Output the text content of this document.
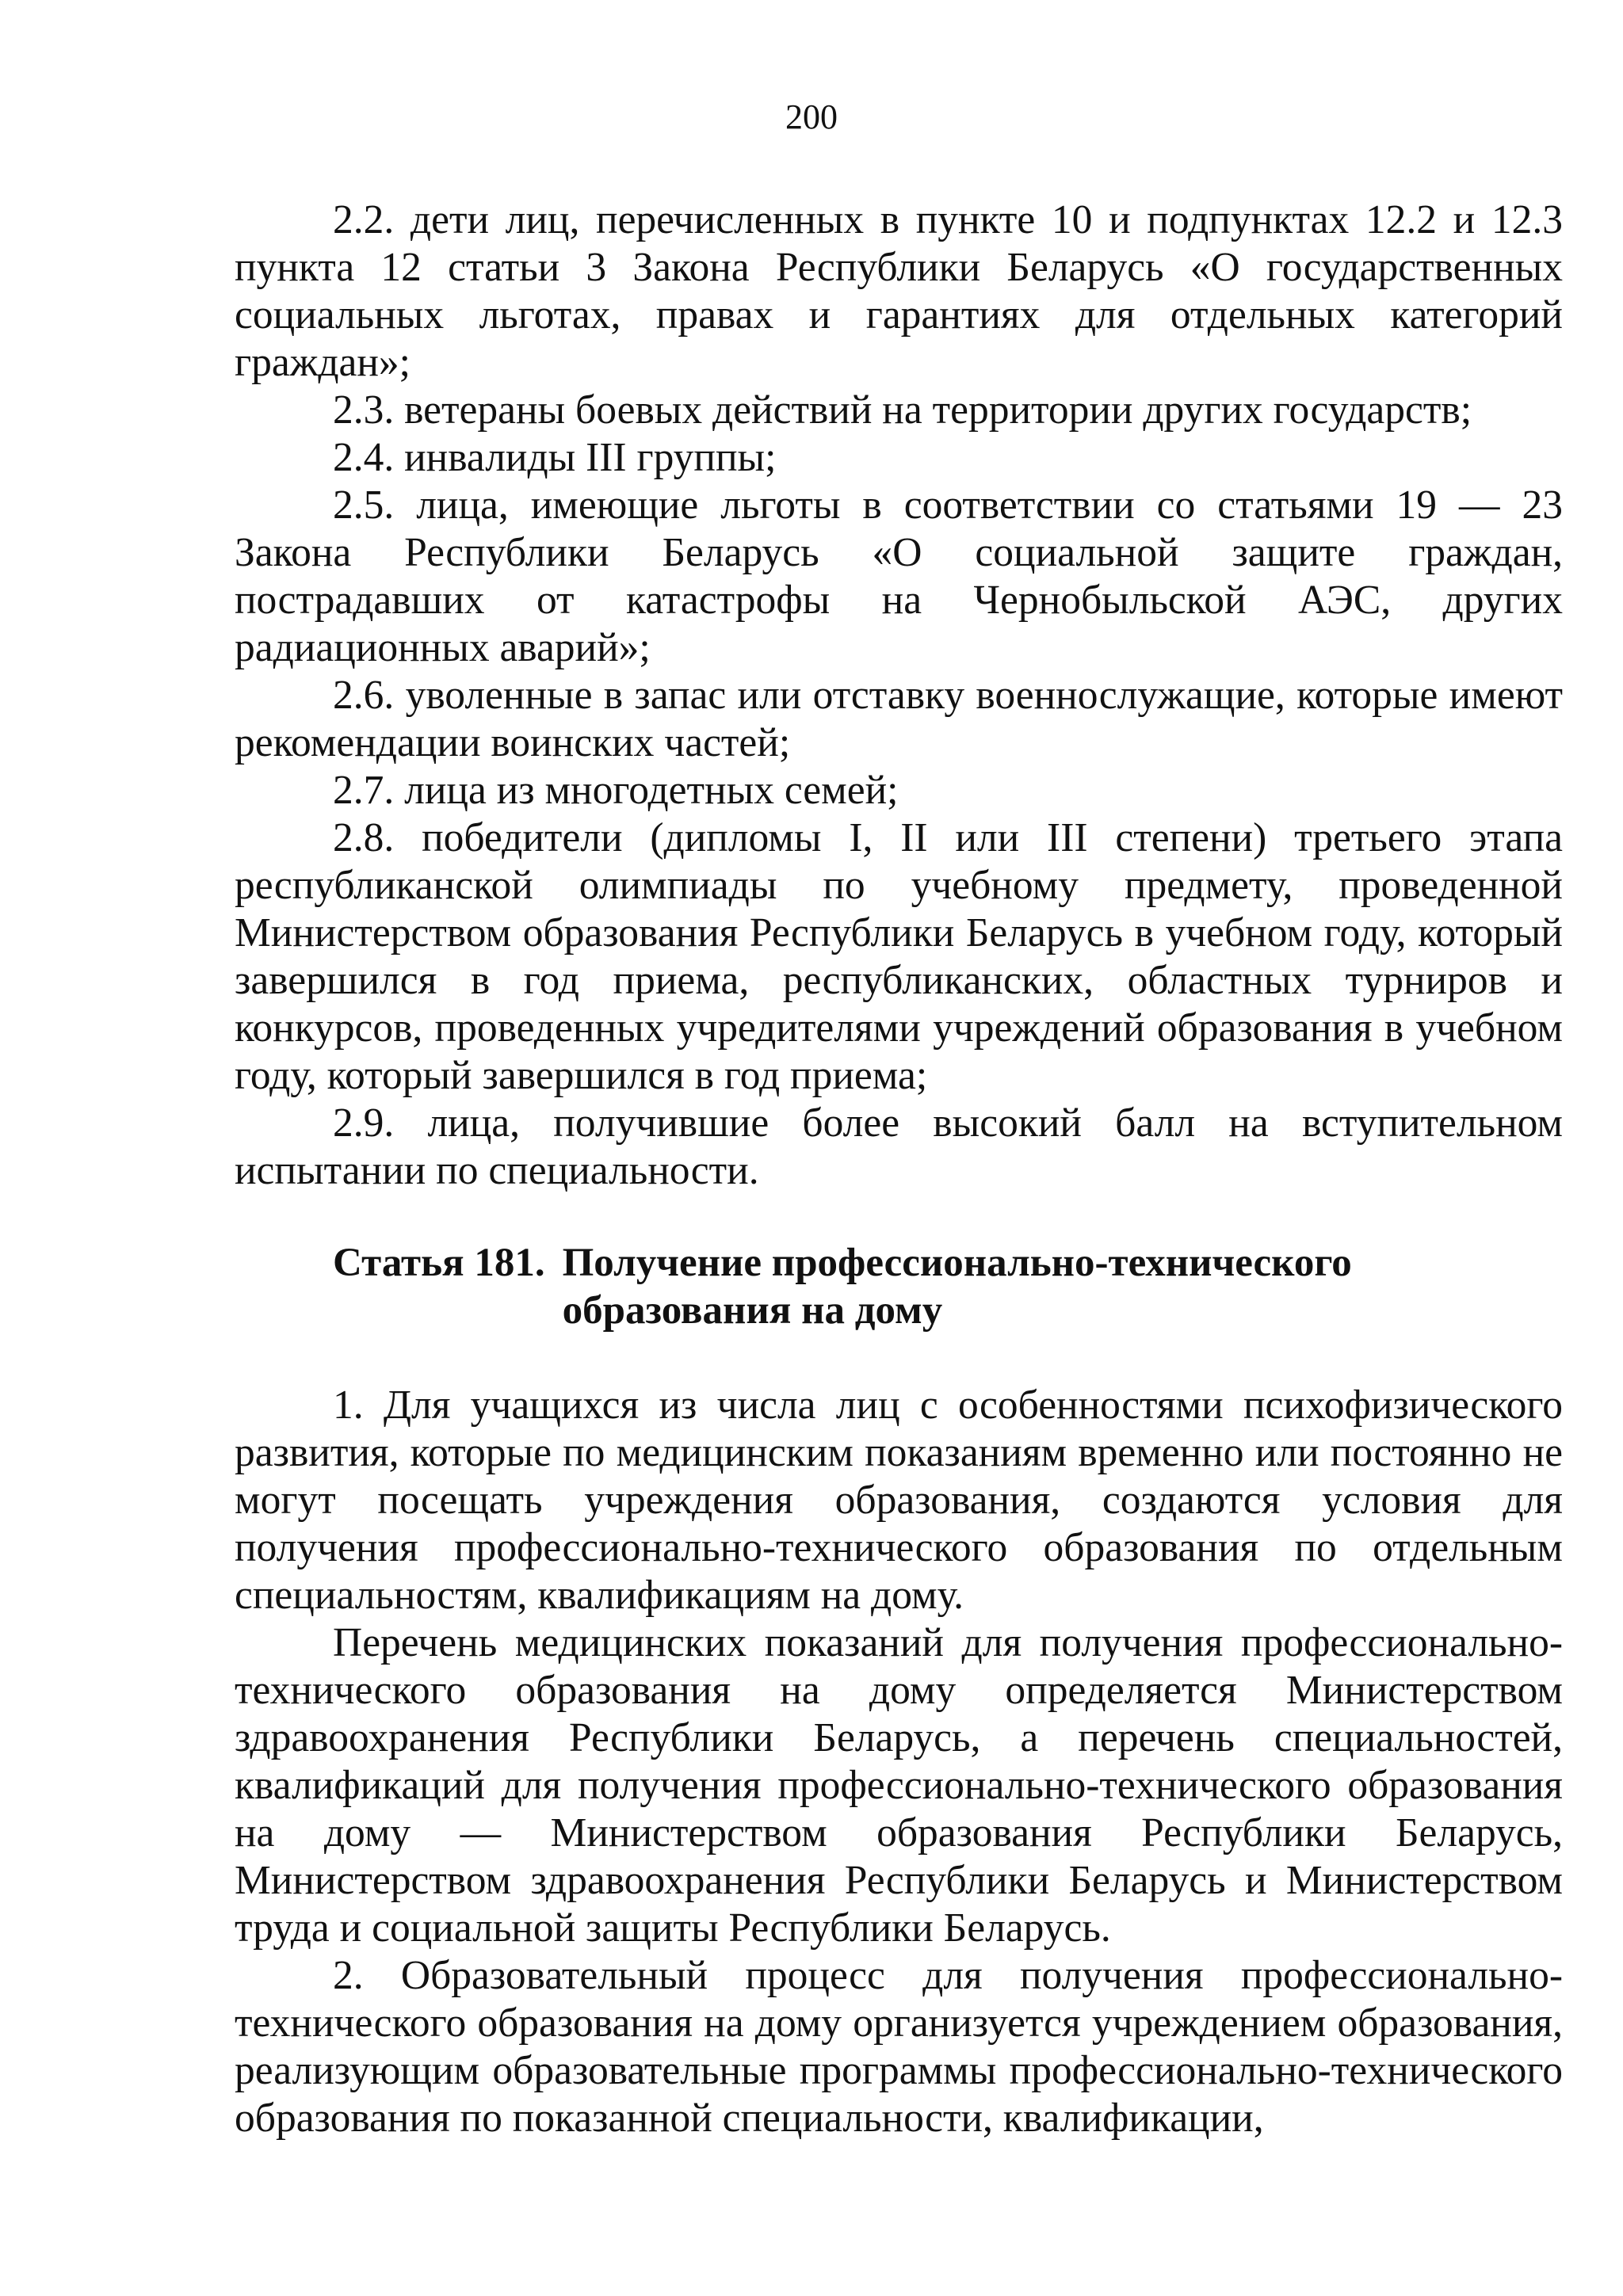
200

2.2. дети лиц, перечисленных в пункте 10 и подпунктах 12.2 и 12.3 пункта 12 статьи 3 Закона Республики Беларусь «О государственных социальных льготах, правах и гарантиях для отдельных категорий граждан»;

2.3. ветераны боевых действий на территории других государств;

2.4. инвалиды III группы;

2.5. лица, имеющие льготы в соответствии со статьями 19 — 23 Закона Республики Беларусь «О социальной защите граждан, пострадавших от катастрофы на Чернобыльской АЭС, других радиационных аварий»;

2.6. уволенные в запас или отставку военнослужащие, которые имеют рекомендации воинских частей;

2.7. лица из многодетных семей;

2.8. победители (дипломы I, II или III степени) третьего этапа республиканской олимпиады по учебному предмету, проведенной Министерством образования Республики Беларусь в учебном году, который завершился в год приема, республиканских, областных турниров и конкурсов, проведенных учредителями учреждений образования в учебном году, который завершился в год приема;

2.9. лица, получившие более высокий балл на вступительном испытании по специальности.

Статья 181. Получение профессионально-технического образования на дому

1. Для учащихся из числа лиц с особенностями психофизического развития, которые по медицинским показаниям временно или постоянно не могут посещать учреждения образования, создаются условия для получения профессионально-технического образования по отдельным специальностям, квалификациям на дому.

Перечень медицинских показаний для получения профессионально-технического образования на дому определяется Министерством здравоохранения Республики Беларусь, а перечень специальностей, квалификаций для получения профессионально-технического образования на дому — Министерством образования Республики Беларусь, Министерством здравоохранения Республики Беларусь и Министерством труда и социальной защиты Республики Беларусь.

2. Образовательный процесс для получения профессионально-технического образования на дому организуется учреждением образования, реализующим образовательные программы профессионально-технического образования по показанной специальности, квалификации,
